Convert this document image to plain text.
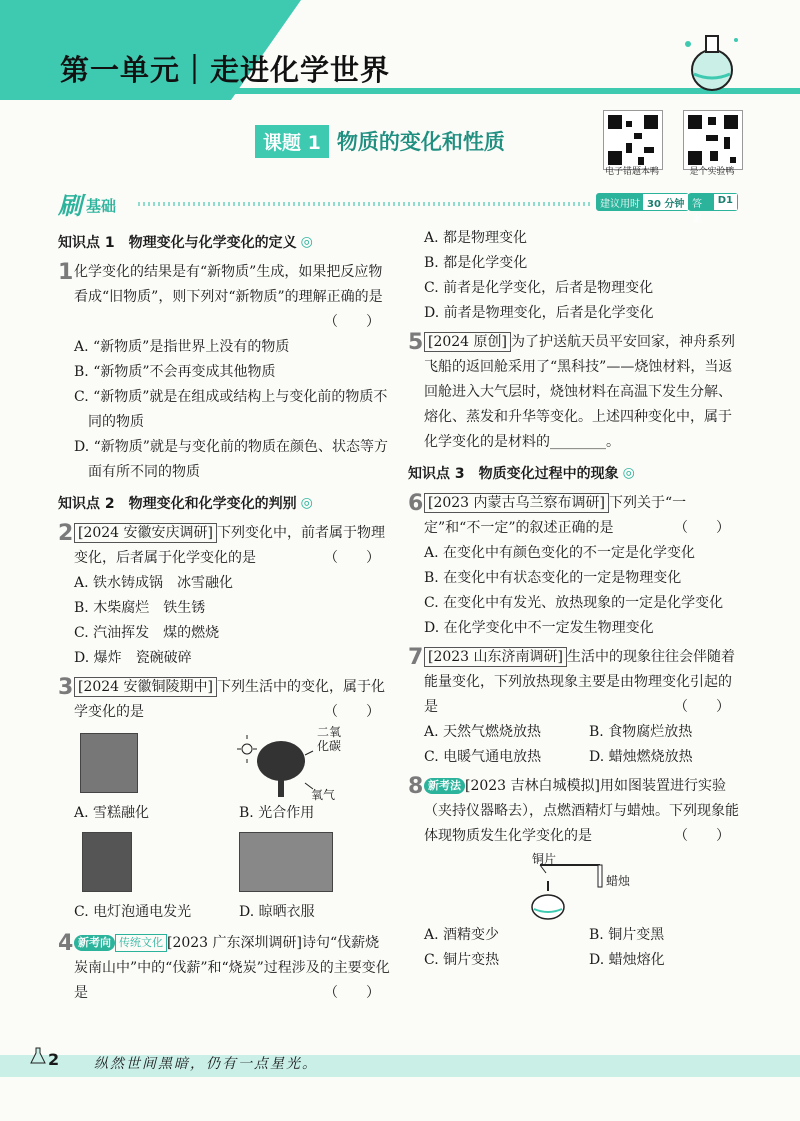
第一单元｜走进化学世界
课题 1 物质的变化和性质
电子错题本鸭	是个实验鸭
刷 基础	建议用时 30 分钟 答案
D1
知识点 1　物理变化与化学变化的定义 ◎
1 化学变化的结果是有“新物质”生成，如果把反应物看成“旧物质”，则下列对“新物质”的理解正确的是
（　　）
A. “新物质”是指世界上没有的物质
B. “新物质”不会再变成其他物质
C. “新物质”就是在组成或结构上与变化前的物质不同的物质
D. “新物质”就是与变化前的物质在颜色、状态等方面有所不同的物质
知识点 2　物理变化和化学变化的判别 ◎
2 [2024 安徽安庆调研] 下列变化中，前者属于物理变化，后者属于化学变化的是	（　　）
A. 铁水铸成锅　冰雪融化
B. 木柴腐烂　铁生锈
C. 汽油挥发　煤的燃烧
D. 爆炸　瓷碗破碎
3 [2024 安徽铜陵期中] 下列生活中的变化，属于化学变化的是	（　　）
A. 雪糕融化
二氧化碳
氧气
B. 光合作用
C. 电灯泡通电发光	D. 晾晒衣服
4 新考向 传统文化 [2023 广东深圳调研]诗句“伐薪烧炭南山中”中的“伐薪”和“烧炭”过程涉及的主要变化是	（　　）
A. 都是物理变化
B. 都是化学变化
C. 前者是化学变化，后者是物理变化
D. 前者是物理变化，后者是化学变化
5 [2024 原创] 为了护送航天员平安回家，神舟系列飞船的返回舱采用了“黑科技”——烧蚀材料，当返回舱进入大气层时，烧蚀材料在高温下发生分解、熔化、蒸发和升华等变化。上述四种变化中，属于化学变化的是材料的________。
知识点 3　物质变化过程中的现象 ◎
6 [2023 内蒙古乌兰察布调研] 下列关于“一定”和“不一定”的叙述正确的是	（　　）
A. 在变化中有颜色变化的不一定是化学变化
B. 在变化中有状态变化的一定是物理变化
C. 在变化中有发光、放热现象的一定是化学变化
D. 在化学变化中不一定发生物理变化
7 [2023 山东济南调研] 生活中的现象往往会伴随着能量变化，下列放热现象主要是由物理变化引起的是	（　　）
A. 天然气燃烧放热	B. 食物腐烂放热
C. 电暖气通电放热	D. 蜡烛燃烧放热
8 新考法 [2023 吉林白城模拟]用如图装置进行实验（夹持仪器略去），点燃酒精灯与蜡烛。下列现象能体现物质发生化学变化的是	（　　）
铜片
蜡烛
A. 酒精变少	B. 铜片变黑
C. 铜片变热	D. 蜡烛熔化
2 纵然世间黑暗，仍有一点星光。
